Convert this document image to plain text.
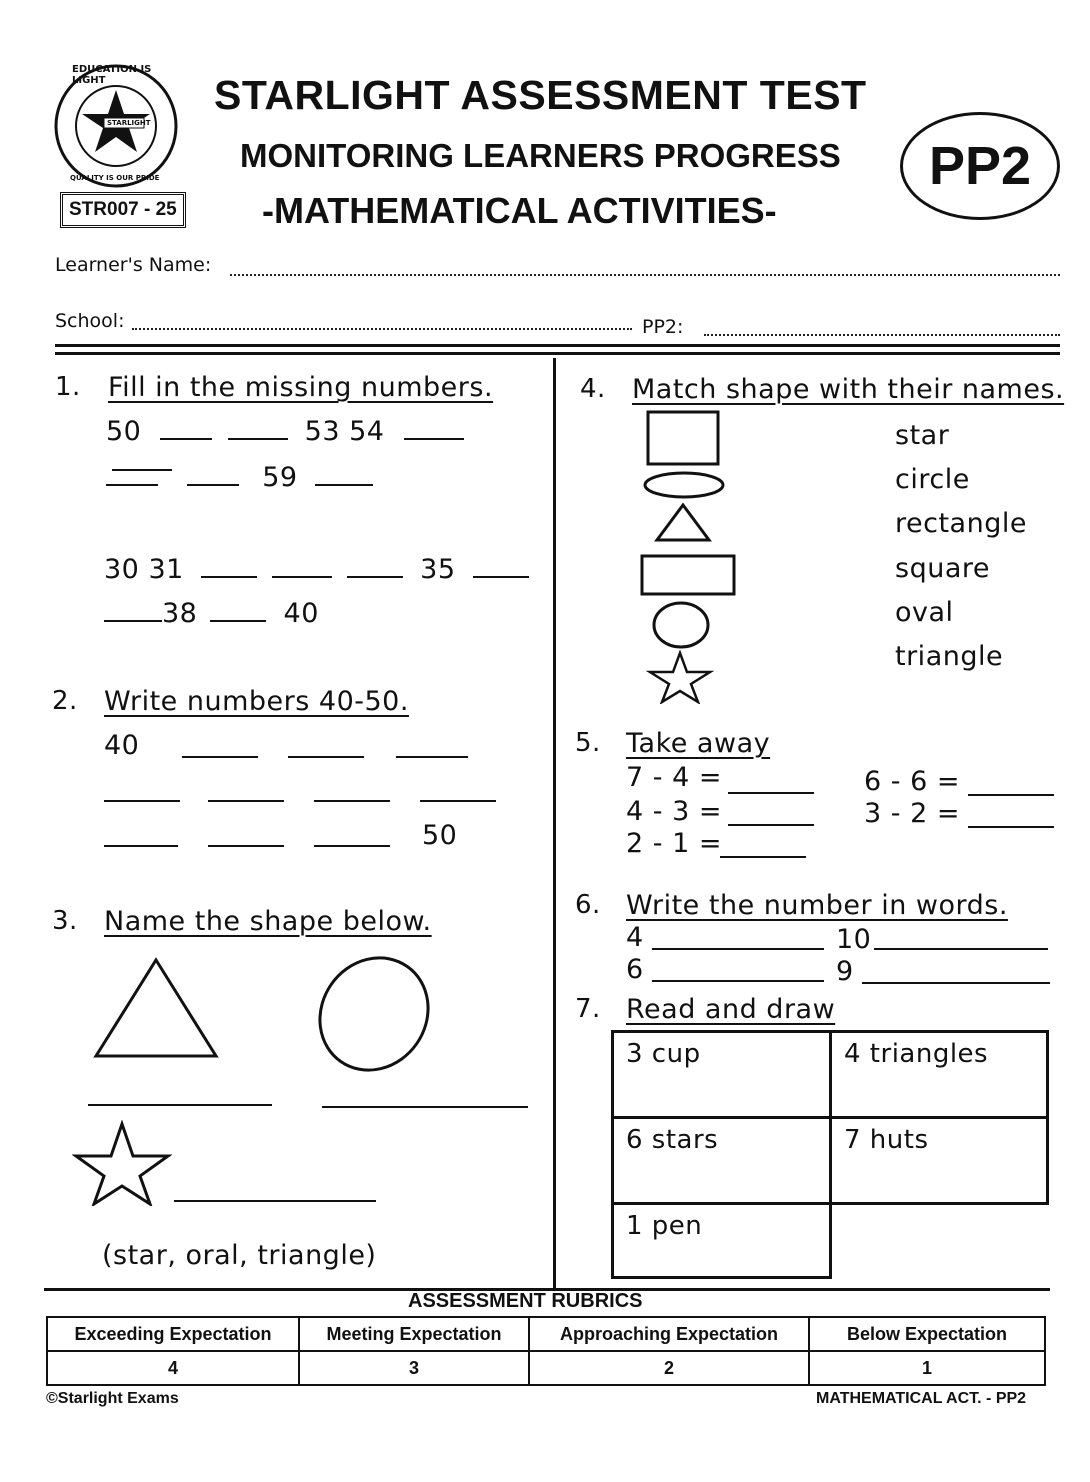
EDUCATION IS LIGHT
STARLIGHT
QUALITY IS OUR PRIDE
STARLIGHT ASSESSMENT TEST
MONITORING LEARNERS PROGRESS
-MATHEMATICAL ACTIVITIES-
PP2
STR007 - 25
Learner's Name:
School:	PP2:
1. Fill in the missing numbers.
50	53 54
59
30 31	35
38	40
2. Write numbers 40-50.
40
50
3. Name the shape below.
(star, oral, triangle)
4. Match shape with their names.
star
circle
rectangle
square
oval
triangle
5. Take away
7 - 4 =
4 - 3 =
2 - 1 =
6 - 6 =
3 - 2 =
6. Write the number in words.
4	10
6	9
7. Read and draw
3 cup	4 triangles
6 stars	7 huts
1 pen	
ASSESSMENT RUBRICS
Exceeding Expectation	Meeting Expectation	Approaching Expectation	Below Expectation
4	3	2	1
©Starlight Exams	MATHEMATICAL ACT. - PP2
